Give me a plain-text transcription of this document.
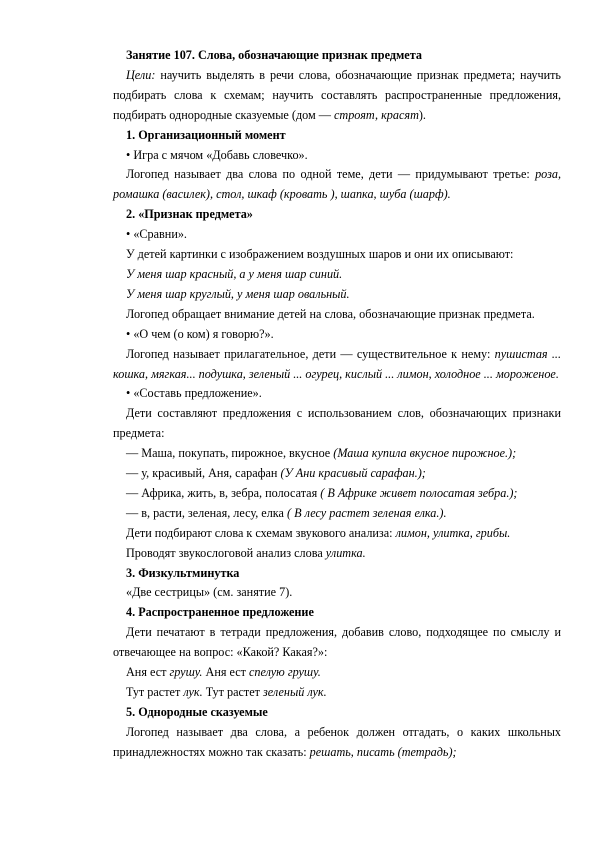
Занятие 107. Слова, обозначающие признак предмета

Цели: научить выделять в речи слова, обозначающие признак предмета; научить подбирать слова к схемам; научить составлять распространенные предложения, подбирать однородные сказуемые (дом — строят, красят).

1. Организационный момент

• Игра с мячом «Добавь словечко».

Логопед называет два слова по одной теме, дети — придумывают третье: роза, ромашка (василек), стол, шкаф (кровать ), шапка, шуба (шарф).

2. «Признак предмета»

• «Сравни».

У детей картинки с изображением воздушных шаров и они их описывают:

У меня шар красный, а у меня шар синий.

У меня шар круглый, у меня шар овальный.

Логопед обращает внимание детей на слова, обозначающие признак предмета.

• «О чем (о ком) я говорю?».

Логопед называет прилагательное, дети — существительное к нему: пушистая ... кошка, мягкая... подушка, зеленый ... огурец, кислый ... лимон, холодное ... мороженое.

• «Составь предложение».

Дети составляют предложения с использованием слов, обозначающих признаки предмета:

— Маша, покупать, пирожное, вкусное (Маша купила вкусное пирожное.);

— у, красивый, Аня, сарафан (У Ани красивый сарафан.);

— Африка, жить, в, зебра, полосатая ( В Африке живет полосатая зебра.);

— в, расти, зеленая, лесу, елка ( В лесу растет зеленая елка.).

Дети подбирают слова к схемам звукового анализа: лимон, улитка, грибы.

Проводят звукослоговой анализ слова улитка.

3. Физкультминутка

«Две сестрицы» (см. занятие 7).

4. Распространенное предложение

Дети печатают в тетради предложения, добавив слово, подходящее по смыслу и отвечающее на вопрос: «Какой? Какая?»:

Аня ест грушу. Аня ест спелую грушу.

Тут растет лук. Тут растет зеленый лук.

5. Однородные сказуемые

Логопед называет два слова, а ребенок должен отгадать, о каких школьных принадлежностях можно так сказать: решать, писать (тетрадь);
